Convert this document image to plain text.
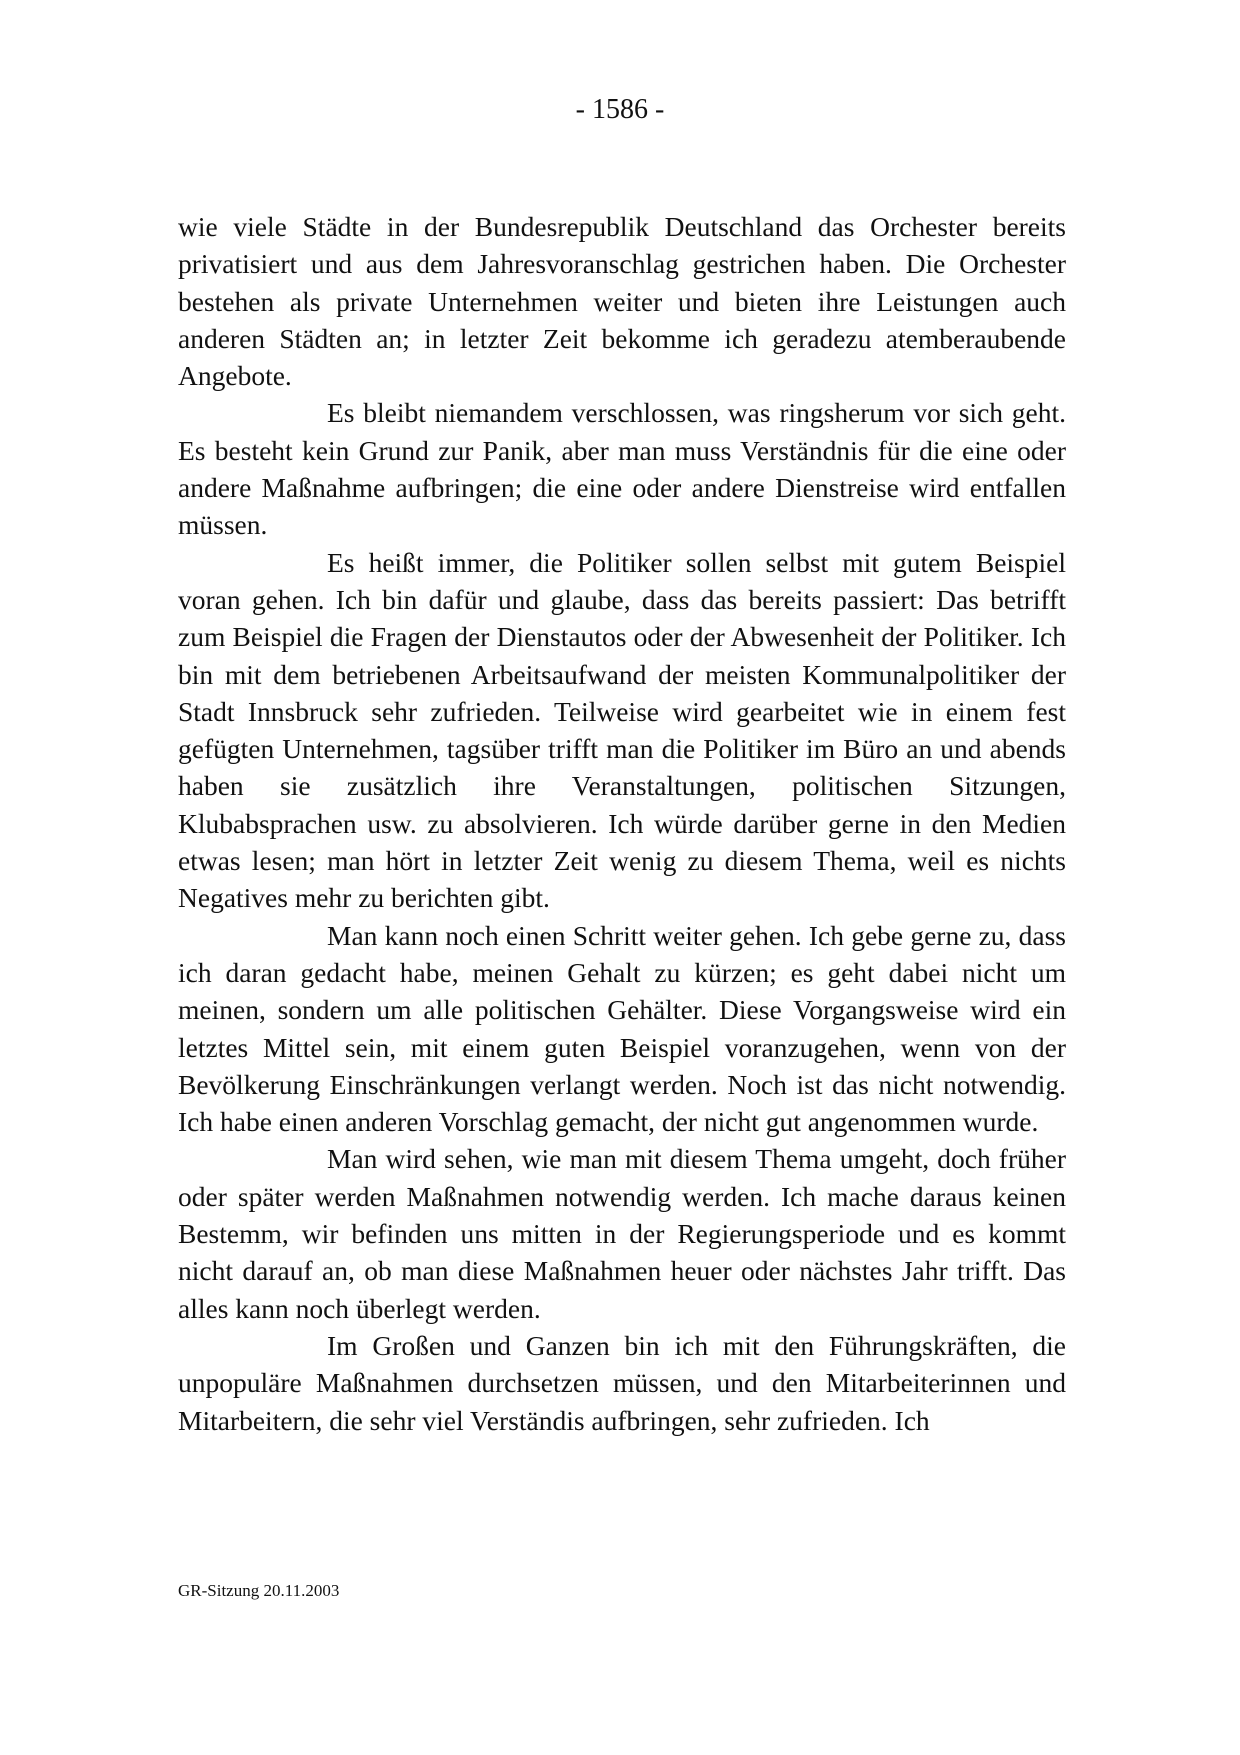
- 1586 -

wie viele Städte in der Bundesrepublik Deutschland das Orchester bereits privatisiert und aus dem Jahresvoranschlag gestrichen haben. Die Orchester bestehen als private Unternehmen weiter und bieten ihre Leistungen auch anderen Städten an; in letzter Zeit bekomme ich geradezu atemberaubende Angebote.

Es bleibt niemandem verschlossen, was ringsherum vor sich geht. Es besteht kein Grund zur Panik, aber man muss Verständnis für die eine oder andere Maßnahme aufbringen; die eine oder andere Dienstreise wird entfallen müssen.

Es heißt immer, die Politiker sollen selbst mit gutem Beispiel voran gehen. Ich bin dafür und glaube, dass das bereits passiert: Das betrifft zum Beispiel die Fragen der Dienstautos oder der Abwesenheit der Politiker. Ich bin mit dem betriebenen Arbeitsaufwand der meisten Kommunalpolitiker der Stadt Innsbruck sehr zufrieden. Teilweise wird gearbeitet wie in einem fest gefügten Unternehmen, tagsüber trifft man die Politiker im Büro an und abends haben sie zusätzlich ihre Veranstaltungen, politischen Sitzungen, Klubabsprachen usw. zu absolvieren. Ich würde darüber gerne in den Medien etwas lesen; man hört in letzter Zeit wenig zu diesem Thema, weil es nichts Negatives mehr zu berichten gibt.

Man kann noch einen Schritt weiter gehen. Ich gebe gerne zu, dass ich daran gedacht habe, meinen Gehalt zu kürzen; es geht dabei nicht um meinen, sondern um alle politischen Gehälter. Diese Vorgangsweise wird ein letztes Mittel sein, mit einem guten Beispiel voranzugehen, wenn von der Bevölkerung Einschränkungen verlangt werden. Noch ist das nicht notwendig. Ich habe einen anderen Vorschlag gemacht, der nicht gut angenommen wurde.

Man wird sehen, wie man mit diesem Thema umgeht, doch früher oder später werden Maßnahmen notwendig werden. Ich mache daraus keinen Bestemm, wir befinden uns mitten in der Regierungsperiode und es kommt nicht darauf an, ob man diese Maßnahmen heuer oder nächstes Jahr trifft. Das alles kann noch überlegt werden.

Im Großen und Ganzen bin ich mit den Führungskräften, die unpopuläre Maßnahmen durchsetzen müssen, und den Mitarbeiterinnen und Mitarbeitern, die sehr viel Verständis aufbringen, sehr zufrieden. Ich

GR-Sitzung 20.11.2003
